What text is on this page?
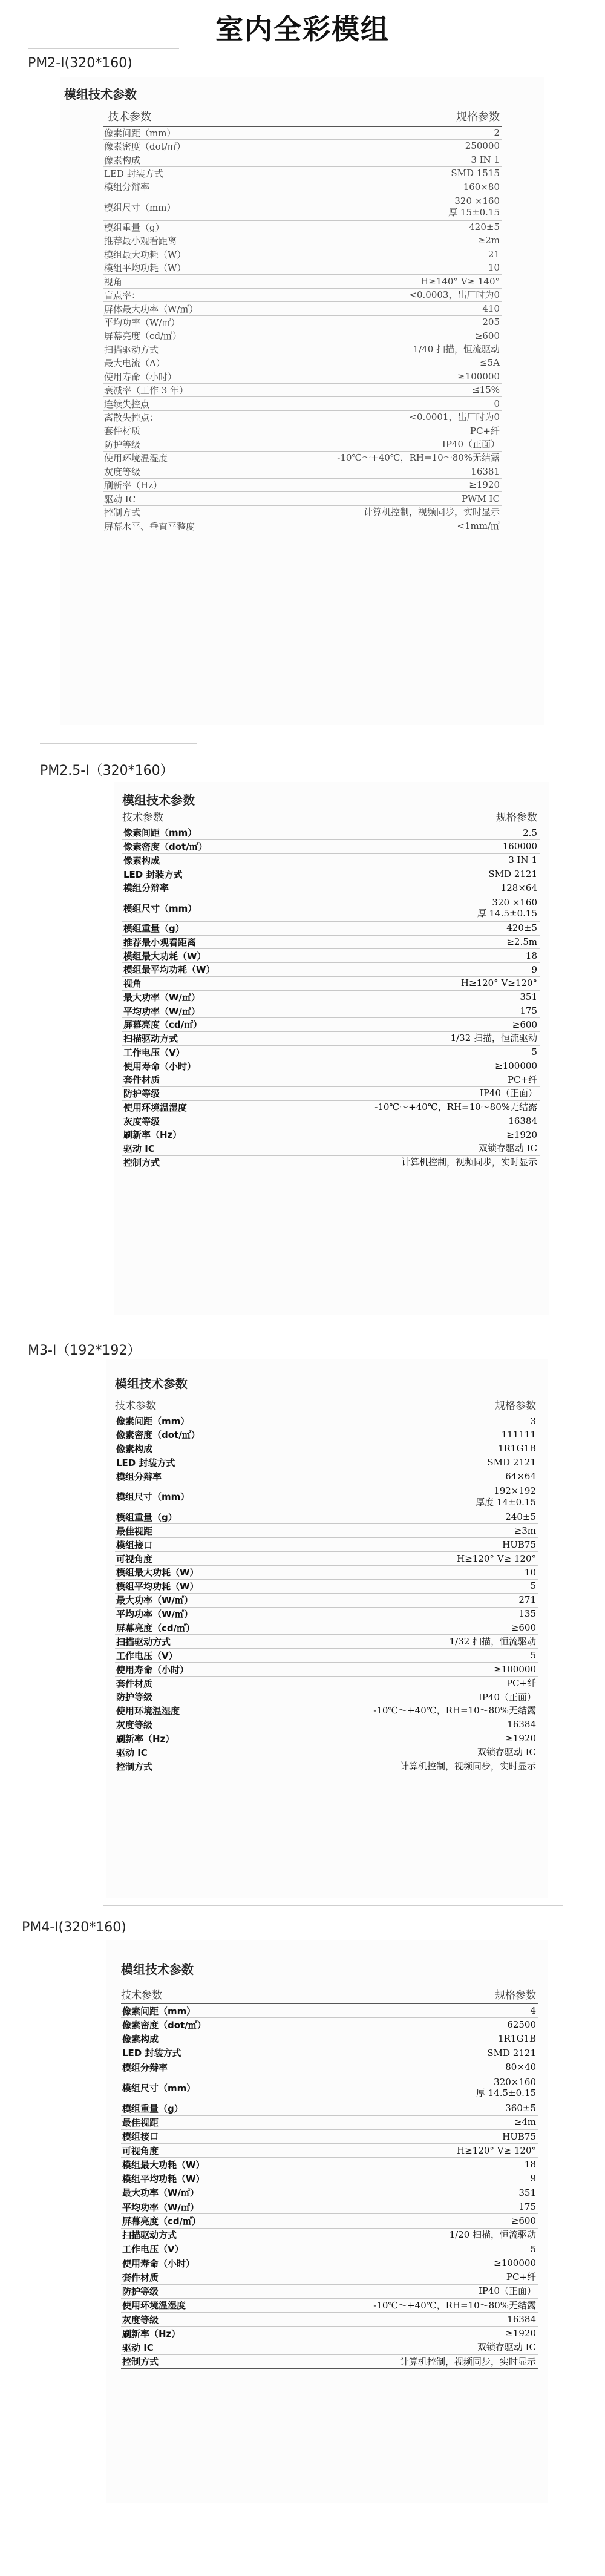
室内全彩模组
PM2-I(320*160)
模组技术参数
技术参数	规格参数
像素间距（mm）	2

像素密度（dot/㎡）	250000

像素构成	3 IN 1

LED 封装方式	SMD 1515

模组分辩率	160×80

模组尺寸（mm）	320 ×160
厚 15±0.15

模组重量（g）	420±5

推荐最小观看距离	≥2m

模组最大功耗（W）	21

模组平均功耗（W）	10

视角	H≥140° V≥ 140°

盲点率：	<0.0003，出厂时为0

屏体最大功率（W/㎡）	410

平均功率（W/㎡）	205

屏幕亮度（cd/㎡）	≥600

扫描驱动方式	1/40 扫描，恒流驱动

最大电流（A）	≤5A

使用寿命（小时）	≥100000

衰减率（工作 3 年）	≤15%

连续失控点	0

离散失控点：	<0.0001，出厂时为0

套件材质	PC+纤

防护等级	IP40（正面）

使用环境温湿度	-10℃～+40℃，RH=10～80%无结露

灰度等级	16381

刷新率（Hz）	≥1920

驱动 IC	PWM IC

控制方式	计算机控制，视频同步，实时显示

屏幕水平、垂直平整度	<1mm/㎡
PM2.5-I（320*160）
模组技术参数
技术参数	规格参数
像素间距（mm）	2.5

像素密度（dot/㎡）	160000

像素构成	3 IN 1

LED 封装方式	SMD 2121

模组分辩率	128×64

模组尺寸（mm）	320 ×160
厚 14.5±0.15

模组重量（g）	420±5

推荐最小观看距离	≥2.5m

模组最大功耗（W）	18

模组最平均功耗（W）	9

视角	H≥120° V≥120°

最大功率（W/㎡）	351

平均功率（W/㎡）	175

屏幕亮度（cd/㎡）	≥600

扫描驱动方式	1/32 扫描，恒流驱动

工作电压（V）	5

使用寿命（小时）	≥100000

套件材质	PC+纤

防护等级	IP40（正面）

使用环境温湿度	-10℃～+40℃，RH=10～80%无结露

灰度等级	16384

刷新率（Hz）	≥1920

驱动 IC	双锁存驱动 IC

控制方式	计算机控制，视频同步，实时显示
M3-I（192*192）
模组技术参数
技术参数	规格参数
像素间距（mm）	3

像素密度（dot/㎡）	111111

像素构成	1R1G1B

LED 封装方式	SMD 2121

模组分辩率	64×64

模组尺寸（mm）	192×192
厚度 14±0.15

模组重量（g）	240±5

最佳视距	≥3m

模组接口	HUB75

可视角度	H≥120° V≥ 120°

模组最大功耗（W）	10

模组平均功耗（W）	5

最大功率（W/㎡）	271

平均功率（W/㎡）	135

屏幕亮度（cd/㎡）	≥600

扫描驱动方式	1/32 扫描，恒流驱动

工作电压（V）	5

使用寿命（小时）	≥100000

套件材质	PC+纤

防护等级	IP40（正面）

使用环境温湿度	-10℃～+40℃，RH=10～80%无结露

灰度等级	16384

刷新率（Hz）	≥1920

驱动 IC	双锁存驱动 IC

控制方式	计算机控制，视频同步，实时显示
PM4-I(320*160)
模组技术参数
技术参数	规格参数
像素间距（mm）	4

像素密度（dot/㎡）	62500

像素构成	1R1G1B

LED 封装方式	SMD 2121

模组分辩率	80×40

模组尺寸（mm）	320×160
厚 14.5±0.15

模组重量（g）	360±5

最佳视距	≥4m

模组接口	HUB75

可视角度	H≥120° V≥ 120°

模组最大功耗（W）	18

模组平均功耗（W）	9

最大功率（W/㎡）	351

平均功率（W/㎡）	175

屏幕亮度（cd/㎡）	≥600

扫描驱动方式	1/20 扫描，恒流驱动

工作电压（V）	5

使用寿命（小时）	≥100000

套件材质	PC+纤

防护等级	IP40（正面）

使用环境温湿度	-10℃～+40℃，RH=10～80%无结露

灰度等级	16384

刷新率（Hz）	≥1920

驱动 IC	双锁存驱动 IC

控制方式	计算机控制，视频同步，实时显示
